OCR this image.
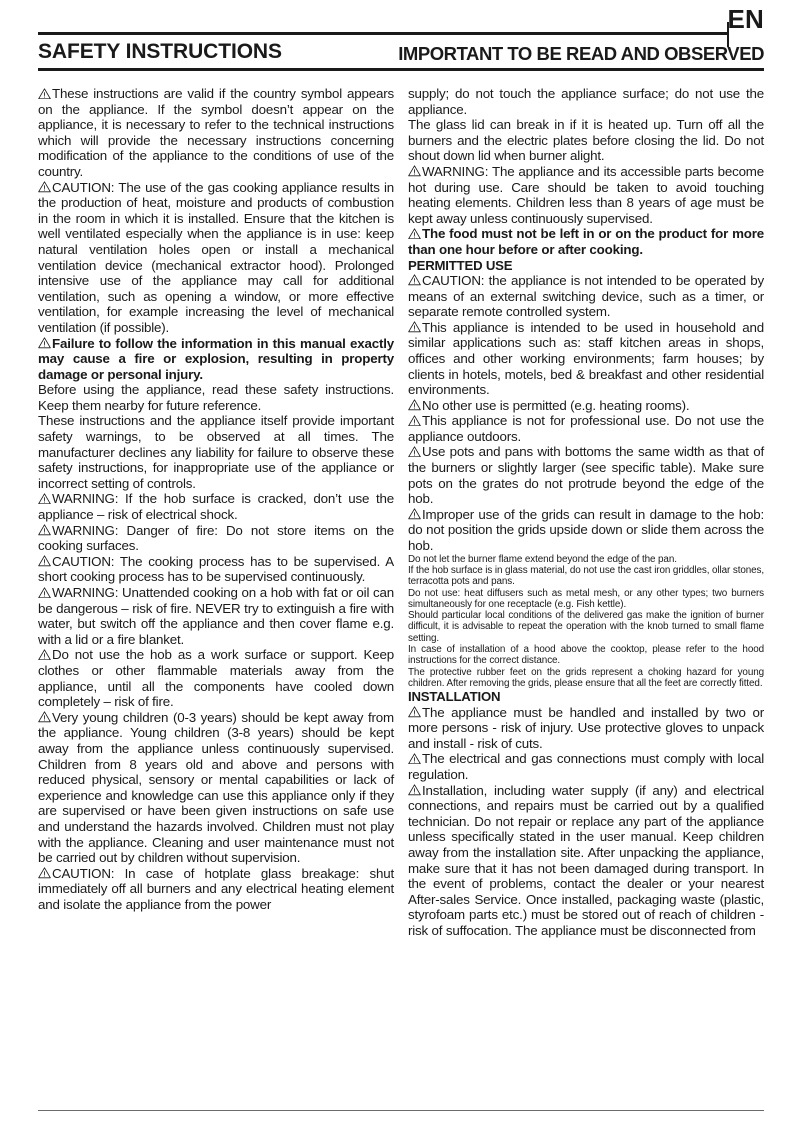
EN
SAFETY INSTRUCTIONS	IMPORTANT TO BE READ AND OBSERVED

These instructions are valid if the country symbol appears on the appliance. If the symbol doesn’t appear on the appliance, it is necessary to refer to the technical instructions which will provide the necessary instructions concerning modification of the appliance to the conditions of use of the country.

CAUTION: The use of the gas cooking appliance results in the production of heat, moisture and products of combustion in the room in which it is installed. Ensure that the kitchen is well ventilated especially when the appliance is in use: keep natural ventilation holes open or install a mechanical ventilation device (mechanical extractor hood). Prolonged intensive use of the appliance may call for additional ventilation, such as opening a window, or more effective ventilation, for example increasing the level of mechanical ventilation (if possible).

Failure to follow the information in this manual exactly may cause a fire or explosion, resulting in property damage or personal injury.

Before using the appliance, read these safety instructions. Keep them nearby for future reference.

These instructions and the appliance itself provide important safety warnings, to be observed at all times. The manufacturer declines any liability for failure to observe these safety instructions, for inappropriate use of the appliance or incorrect setting of controls.

WARNING: If the hob surface is cracked, don’t use the appliance – risk of electrical shock.

WARNING: Danger of fire: Do not store items on the cooking surfaces.

CAUTION: The cooking process has to be supervised. A short cooking process has to be supervised continuously.

WARNING: Unattended cooking on a hob with fat or oil can be dangerous – risk of fire. NEVER try to extinguish a fire with water, but switch off the appliance and then cover flame e.g. with a lid or a fire blanket.

Do not use the hob as a work surface or support. Keep clothes or other flammable materials away from the appliance, until all the components have cooled down completely – risk of fire.

Very young children (0-3 years) should be kept away from the appliance. Young children (3-8 years) should be kept away from the appliance unless continuously supervised. Children from 8 years old and above and persons with reduced physical, sensory or mental capabilities or lack of experience and knowledge can use this appliance only if they are supervised or have been given instructions on safe use and understand the hazards involved. Children must not play with the appliance. Cleaning and user maintenance must not be carried out by children without supervision.

CAUTION: In case of hotplate glass breakage: shut immediately off all burners and any electrical heating element and isolate the appliance from the power

supply; do not touch the appliance surface; do not use the appliance.

The glass lid can break in if it is heated up. Turn off all the burners and the electric plates before closing the lid. Do not shout down lid when burner alight.

WARNING: The appliance and its accessible parts become hot during use. Care should be taken to avoid touching heating elements. Children less than 8 years of age must be kept away unless continuously supervised.

The food must not be left in or on the product for more than one hour before or after cooking.

PERMITTED USE

CAUTION: the appliance is not intended to be operated by means of an external switching device, such as a timer, or separate remote controlled system.

This appliance is intended to be used in household and similar applications such as: staff kitchen areas in shops, offices and other working environments; farm houses; by clients in hotels, motels, bed & breakfast and other residential environments.

No other use is permitted (e.g. heating rooms).

This appliance is not for professional use. Do not use the appliance outdoors.

Use pots and pans with bottoms the same width as that of the burners or slightly larger (see specific table). Make sure pots on the grates do not protrude beyond the edge of the hob.

Improper use of the grids can result in damage to the hob: do not position the grids upside down or slide them across the hob.

Do not let the burner flame extend beyond the edge of the pan.

If the hob surface is in glass material, do not use the cast iron griddles, ollar stones, terracotta pots and pans.

Do not use: heat diffusers such as metal mesh, or any other types; two burners simultaneously for one receptacle (e.g. Fish kettle).

Should particular local conditions of the delivered gas make the ignition of burner difficult, it is advisable to repeat the operation with the knob turned to small flame setting.

In case of installation of a hood above the cooktop, please refer to the hood instructions for the correct distance.

The protective rubber feet on the grids represent a choking hazard for young children. After removing the grids, please ensure that all the feet are correctly fitted.

INSTALLATION

The appliance must be handled and installed by two or more persons - risk of injury. Use protective gloves to unpack and install - risk of cuts.

The electrical and gas connections must comply with local regulation.

Installation, including water supply (if any) and electrical connections, and repairs must be carried out by a qualified technician. Do not repair or replace any part of the appliance unless specifically stated in the user manual. Keep children away from the installation site. After unpacking the appliance, make sure that it has not been damaged during transport. In the event of problems, contact the dealer or your nearest After-sales Service. Once installed, packaging waste (plastic, styrofoam parts etc.) must be stored out of reach of children - risk of suffocation. The appliance must be disconnected from
